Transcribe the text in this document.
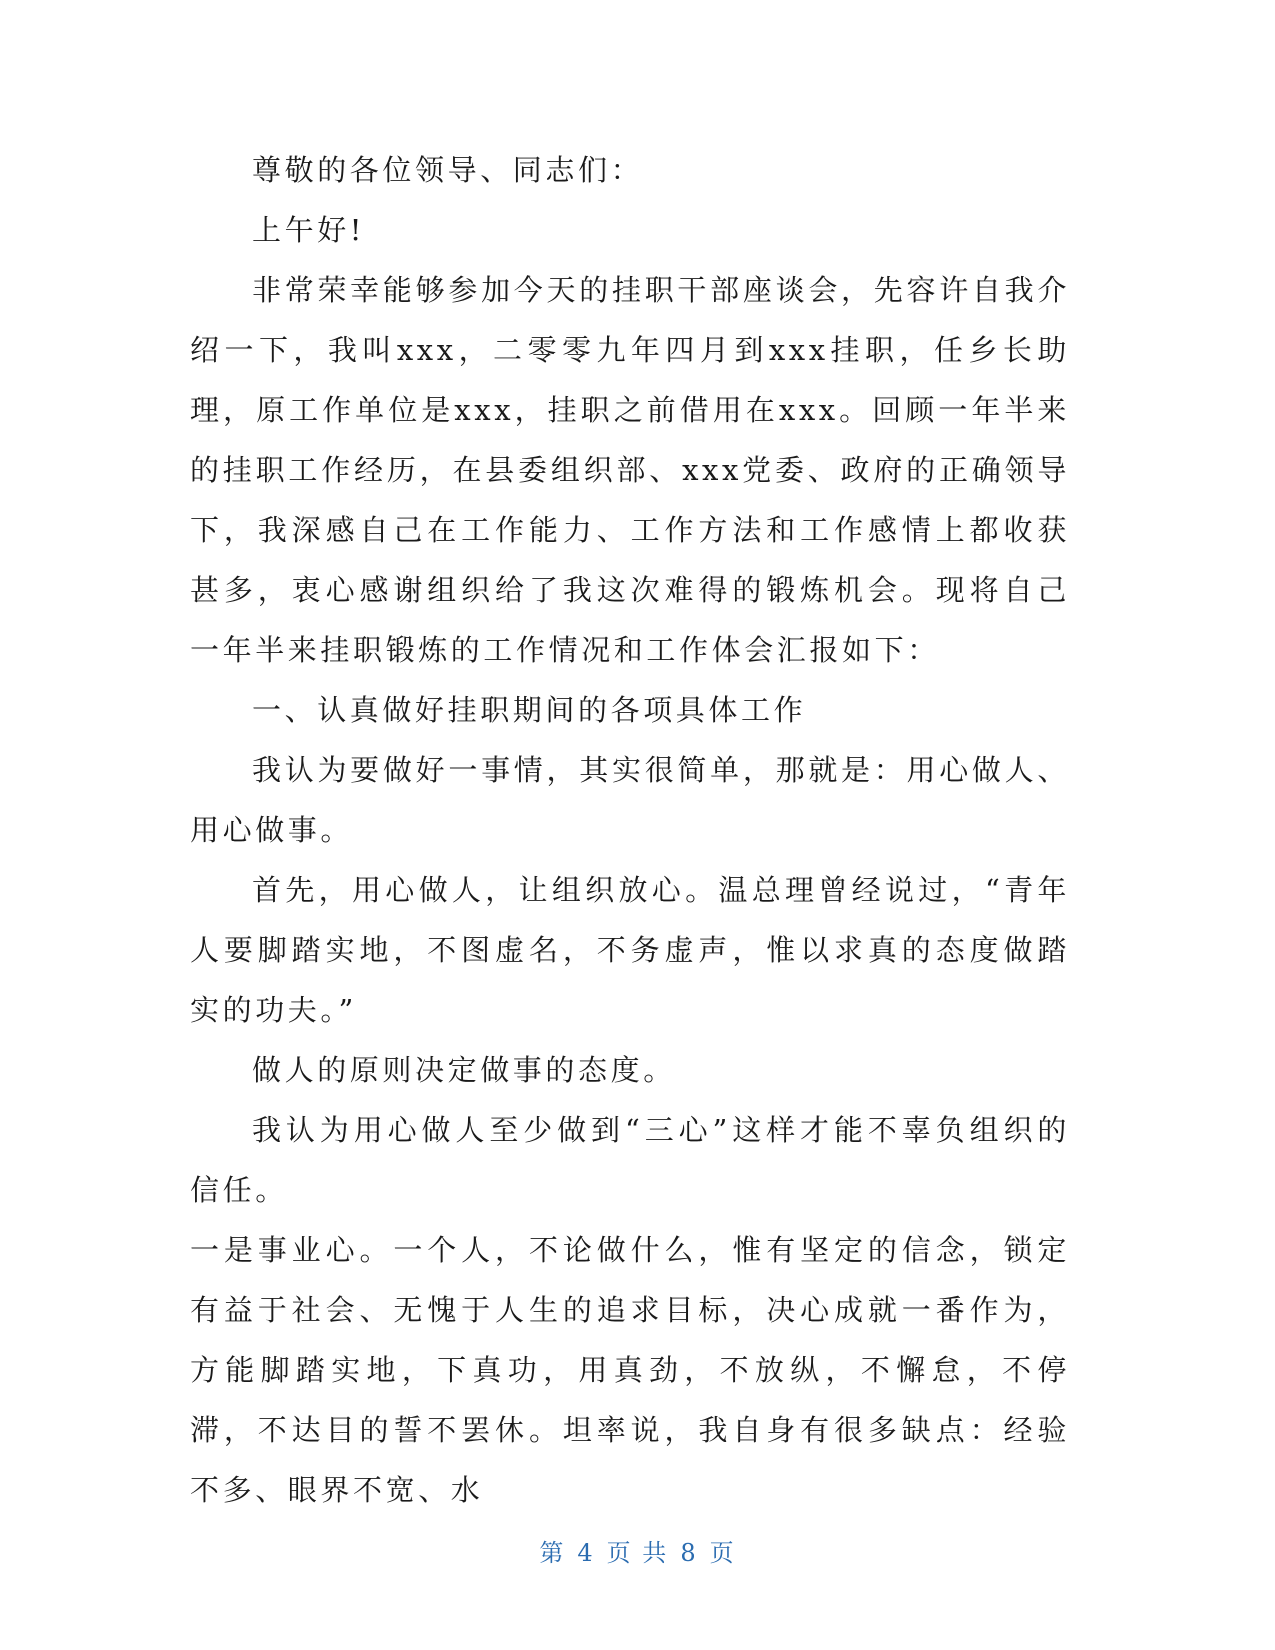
尊敬的各位领导、同志们：

上午好!

非常荣幸能够参加今天的挂职干部座谈会，先容许自我介绍一下，我叫xxx，二零零九年四月到xxx挂职，任乡长助理，原工作单位是xxx，挂职之前借用在xxx。回顾一年半来的挂职工作经历，在县委组织部、xxx党委、政府的正确领导下，我深感自己在工作能力、工作方法和工作感情上都收获甚多，衷心感谢组织给了我这次难得的锻炼机会。现将自己一年半来挂职锻炼的工作情况和工作体会汇报如下：

一、认真做好挂职期间的各项具体工作

我认为要做好一事情，其实很简单，那就是：用心做人、用心做事。

首先，用心做人，让组织放心。温总理曾经说过，“青年人要脚踏实地，不图虚名，不务虚声，惟以求真的态度做踏实的功夫。”

做人的原则决定做事的态度。

我认为用心做人至少做到“三心”这样才能不辜负组织的信任。

一是事业心。一个人，不论做什么，惟有坚定的信念，锁定有益于社会、无愧于人生的追求目标，决心成就一番作为，方能脚踏实地，下真功，用真劲，不放纵，不懈怠，不停滞，不达目的誓不罢休。坦率说，我自身有很多缺点：经验不多、眼界不宽、水

第 4 页 共 8 页
